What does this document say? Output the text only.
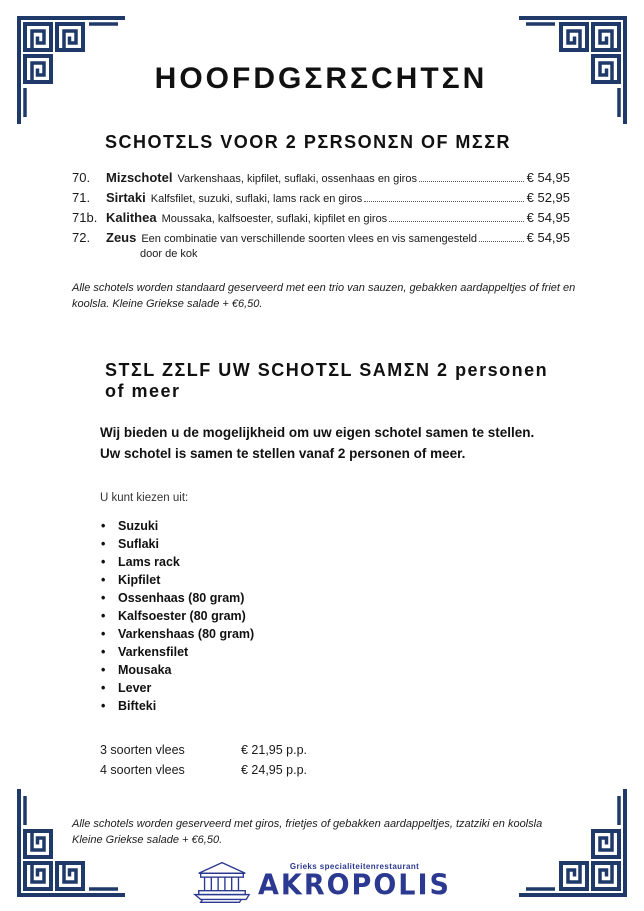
HOOFDGΣRΣCHTΣN
SCHOTΣLS VOOR 2 PΣRSONΣN OF MΣΣR
70.	Mizschotel Varkenshaas, kipfilet, suflaki, ossenhaas en giros	€ 54,95
71.	Sirtaki Kalfsfilet, suzuki, suflaki, lams rack en giros	€ 52,95
71b. Kalithea Moussaka, kalfsoester, suflaki, kipfilet en giros	€ 54,95
72.	Zeus Een combinatie van verschillende soorten vlees en vis samengesteld	€ 54,95
door de kok
Alle schotels worden standaard geserveerd met een trio van sauzen, gebakken aardappeltjes of friet en
koolsla. Kleine Griekse salade + €6,50.
STΣL ZΣLF UW SCHOTΣL SAMΣN 2 personen of meer
Wij bieden u de mogelijkheid om uw eigen schotel samen te stellen.
Uw schotel is samen te stellen vanaf 2 personen of meer.
U kunt kiezen uit:
• Suzuki
• Suflaki
• Lams rack
• Kipfilet
• Ossenhaas (80 gram)
• Kalfsoester (80 gram)
• Varkenshaas (80 gram)
• Varkensfilet
• Mousaka
• Lever
• Bifteki
3 soorten vlees	€ 21,95 p.p.
4 soorten vlees	€ 24,95 p.p.
Alle schotels worden geserveerd met giros, frietjes of gebakken aardappeltjes, tzatziki en koolsla
Kleine Griekse salade + €6,50.
Grieks specialiteitenrestaurant
AKROPOLIS
